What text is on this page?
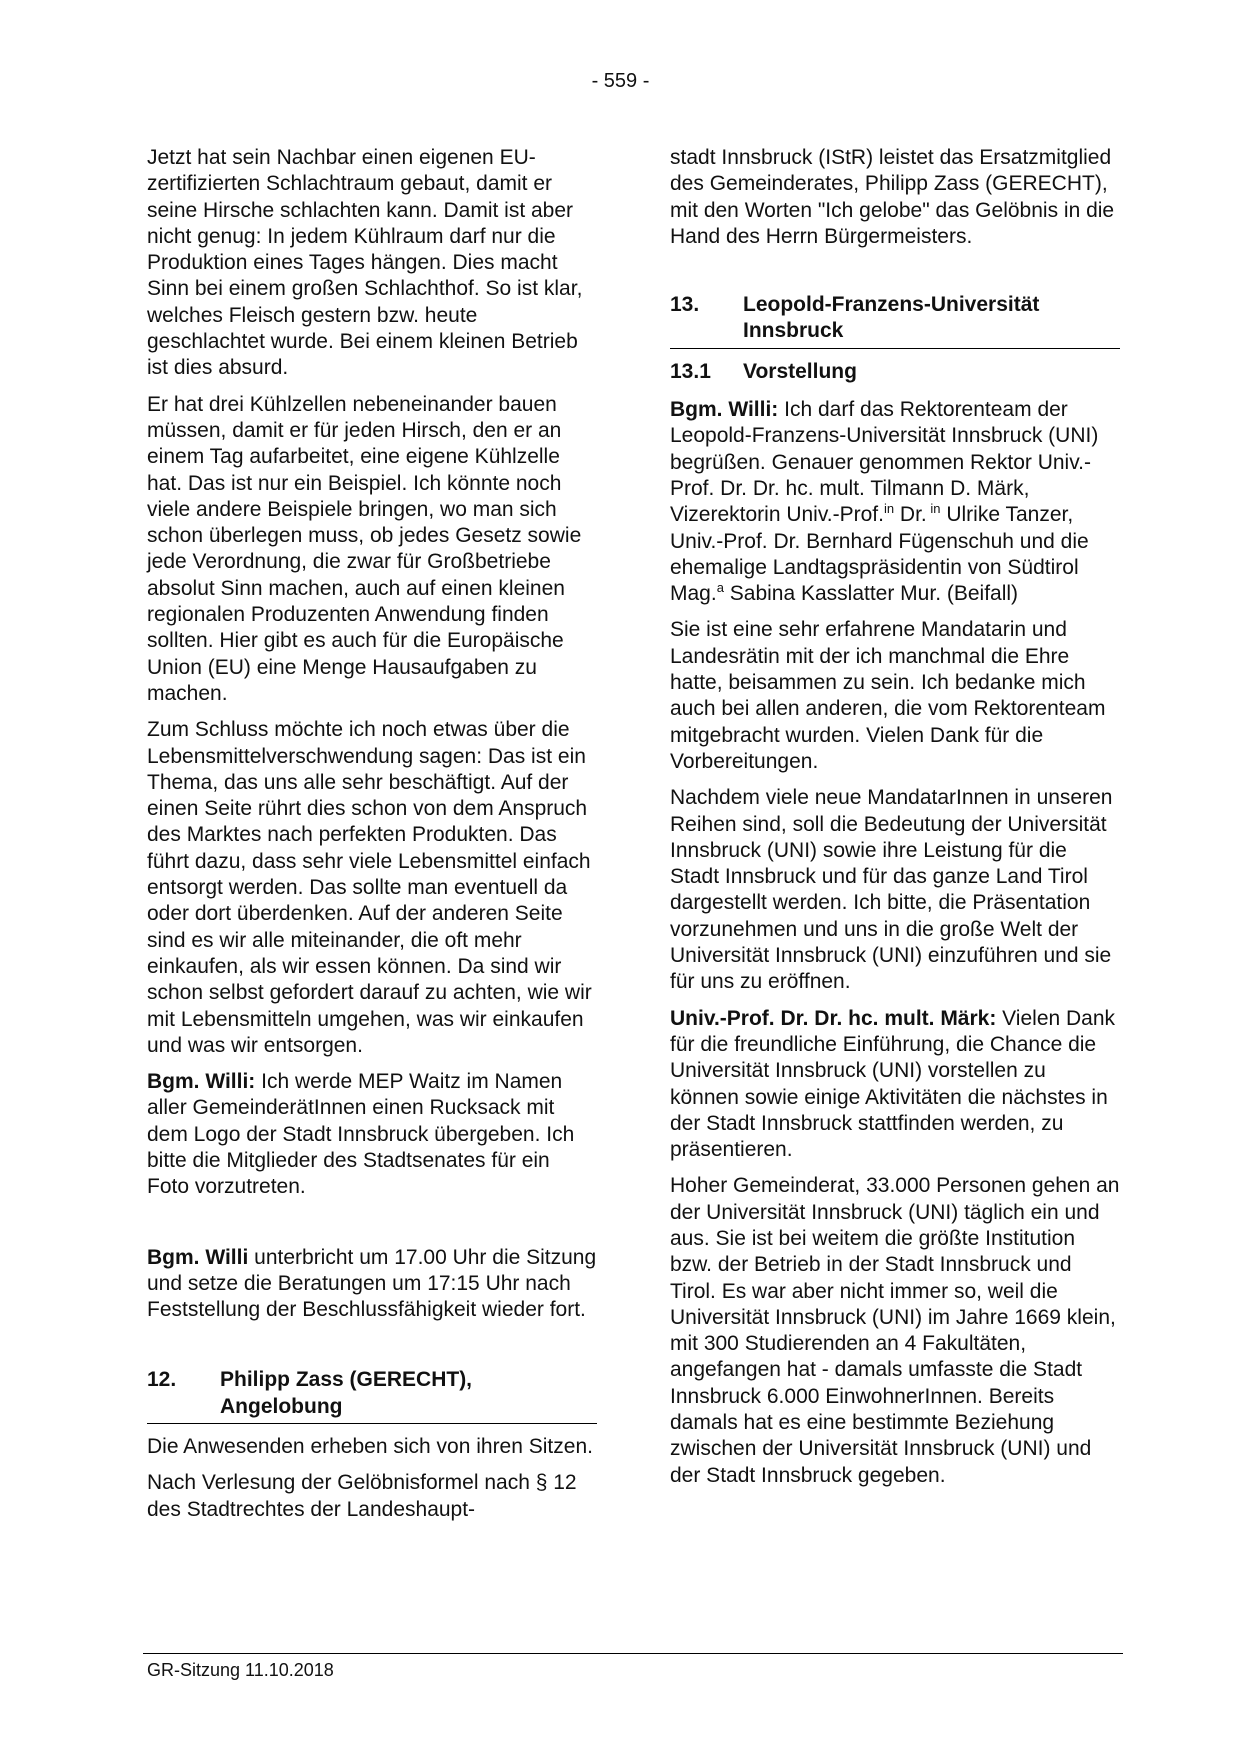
- 559 -

Jetzt hat sein Nachbar einen eigenen EU-zertifizierten Schlachtraum gebaut, damit er seine Hirsche schlachten kann. Damit ist aber nicht genug: In jedem Kühlraum darf nur die Produktion eines Tages hängen. Dies macht Sinn bei einem großen Schlachthof. So ist klar, welches Fleisch gestern bzw. heute geschlachtet wurde. Bei einem kleinen Betrieb ist dies absurd.

Er hat drei Kühlzellen nebeneinander bauen müssen, damit er für jeden Hirsch, den er an einem Tag aufarbeitet, eine eigene Kühlzelle hat. Das ist nur ein Beispiel. Ich könnte noch viele andere Beispiele bringen, wo man sich schon überlegen muss, ob jedes Gesetz sowie jede Verordnung, die zwar für Großbetriebe absolut Sinn machen, auch auf einen kleinen regionalen Produzenten Anwendung finden sollten. Hier gibt es auch für die Europäische Union (EU) eine Menge Hausaufgaben zu machen.

Zum Schluss möchte ich noch etwas über die Lebensmittelverschwendung sagen: Das ist ein Thema, das uns alle sehr beschäftigt. Auf der einen Seite rührt dies schon von dem Anspruch des Marktes nach perfekten Produkten. Das führt dazu, dass sehr viele Lebensmittel einfach entsorgt werden. Das sollte man eventuell da oder dort überdenken. Auf der anderen Seite sind es wir alle miteinander, die oft mehr einkaufen, als wir essen können. Da sind wir schon selbst gefordert darauf zu achten, wie wir mit Lebensmitteln umgehen, was wir einkaufen und was wir entsorgen.

Bgm. Willi: Ich werde MEP Waitz im Namen aller GemeinderätInnen einen Rucksack mit dem Logo der Stadt Innsbruck übergeben. Ich bitte die Mitglieder des Stadtsenates für ein Foto vorzutreten.

Bgm. Willi unterbricht um 17.00 Uhr die Sitzung und setze die Beratungen um 17:15 Uhr nach Feststellung der Beschlussfähigkeit wieder fort.

12.	Philipp Zass (GERECHT), Angelobung

Die Anwesenden erheben sich von ihren Sitzen.

Nach Verlesung der Gelöbnisformel nach § 12 des Stadtrechtes der Landeshaupt-

stadt Innsbruck (IStR) leistet das Ersatzmitglied des Gemeinderates, Philipp Zass (GERECHT), mit den Worten "Ich gelobe" das Gelöbnis in die Hand des Herrn Bürgermeisters.

13.	Leopold-Franzens-Universität Innsbruck
13.1	Vorstellung

Bgm. Willi: Ich darf das Rektorenteam der Leopold-Franzens-Universität Innsbruck (UNI) begrüßen. Genauer genommen Rektor Univ.-Prof. Dr. Dr. hc. mult. Tilmann D. Märk, Vizerektorin Univ.-Prof.$^{in}$ Dr. $^{in}$ Ulrike Tanzer, Univ.-Prof. Dr. Bernhard Fügenschuh und die ehemalige Landtagspräsidentin von Südtirol Mag.$^a$ Sabina Kasslatter Mur. (Beifall)

Sie ist eine sehr erfahrene Mandatarin und Landesrätin mit der ich manchmal die Ehre hatte, beisammen zu sein. Ich bedanke mich auch bei allen anderen, die vom Rektorenteam mitgebracht wurden. Vielen Dank für die Vorbereitungen.

Nachdem viele neue MandatarInnen in unseren Reihen sind, soll die Bedeutung der Universität Innsbruck (UNI) sowie ihre Leistung für die Stadt Innsbruck und für das ganze Land Tirol dargestellt werden. Ich bitte, die Präsentation vorzunehmen und uns in die große Welt der Universität Innsbruck (UNI) einzuführen und sie für uns zu eröffnen.

Univ.-Prof. Dr. Dr. hc. mult. Märk: Vielen Dank für die freundliche Einführung, die Chance die Universität Innsbruck (UNI) vorstellen zu können sowie einige Aktivitäten die nächstes in der Stadt Innsbruck stattfinden werden, zu präsentieren.

Hoher Gemeinderat, 33.000 Personen gehen an der Universität Innsbruck (UNI) täglich ein und aus. Sie ist bei weitem die größte Institution bzw. der Betrieb in der Stadt Innsbruck und Tirol. Es war aber nicht immer so, weil die Universität Innsbruck (UNI) im Jahre 1669 klein, mit 300 Studierenden an 4 Fakultäten, angefangen hat - damals umfasste die Stadt Innsbruck 6.000 EinwohnerInnen. Bereits damals hat es eine bestimmte Beziehung zwischen der Universität Innsbruck (UNI) und der Stadt Innsbruck gegeben.

GR-Sitzung 11.10.2018
